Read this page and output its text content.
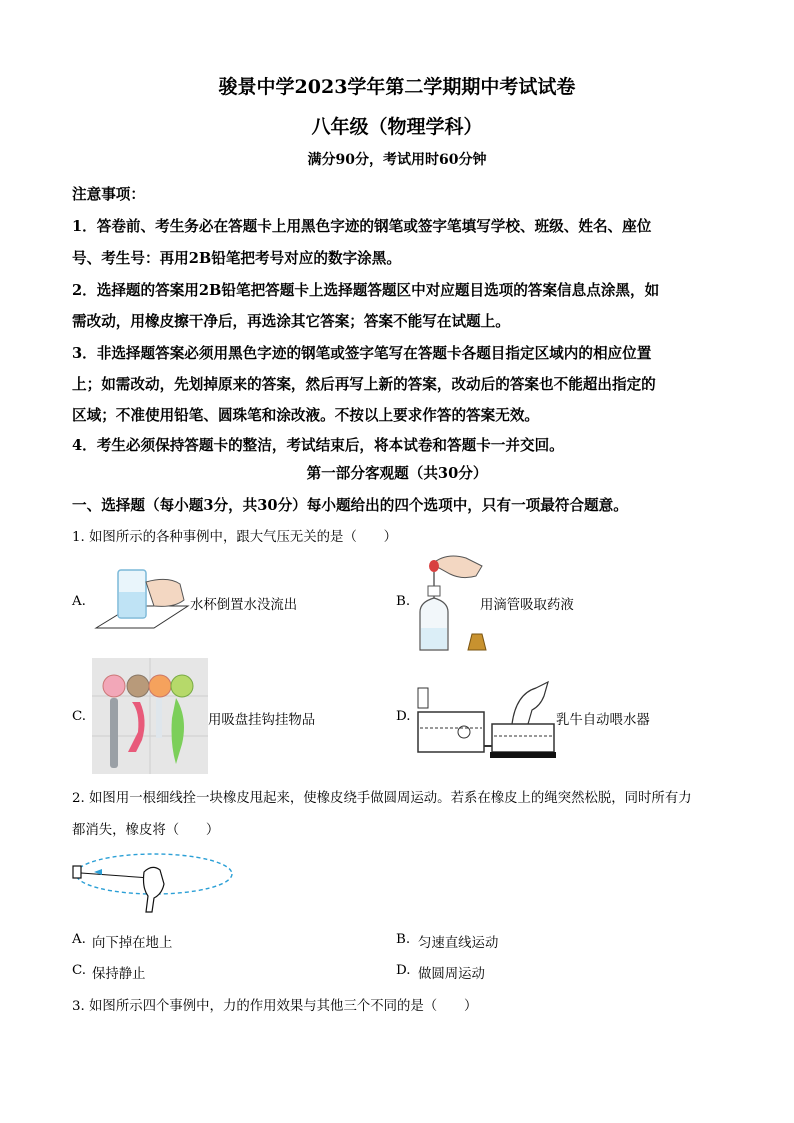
骏景中学2023学年第二学期期中考试试卷
八年级（物理学科）
满分90分，考试用时60分钟
注意事项：
1．答卷前、考生务必在答题卡上用黑色字迹的钢笔或签字笔填写学校、班级、姓名、座位
号、考生号：再用2B铅笔把考号对应的数字涂黑。
2．选择题的答案用2B铅笔把答题卡上选择题答题区中对应题目选项的答案信息点涂黑，如
需改动，用橡皮擦干净后，再选涂其它答案；答案不能写在试题上。
3．非选择题答案必须用黑色字迹的钢笔或签字笔写在答题卡各题目指定区域内的相应位置
上；如需改动，先划掉原来的答案，然后再写上新的答案，改动后的答案也不能超出指定的
区域；不准使用铅笔、圆珠笔和涂改液。不按以上要求作答的答案无效。
4．考生必须保持答题卡的整洁，考试结束后，将本试卷和答题卡一并交回。
第一部分客观题（共30分）
一、选择题（每小题3分，共30分）每小题给出的四个选项中，只有一项最符合题意。
1. 如图所示的各种事例中，跟大气压无关的是（　　）
A.	水杯倒置水没流出	B.	用滴管吸取药液
C.	用吸盘挂钩挂物品	D.	乳牛自动喂水器
2. 如图用一根细线拴一块橡皮甩起来，使橡皮绕手做圆周运动。若系在橡皮上的绳突然松脱，同时所有力
都消失，橡皮将（　　）
A. 向下掉在地上	B. 匀速直线运动
C. 保持静止	D. 做圆周运动
3. 如图所示四个事例中，力的作用效果与其他三个不同的是（　　）
